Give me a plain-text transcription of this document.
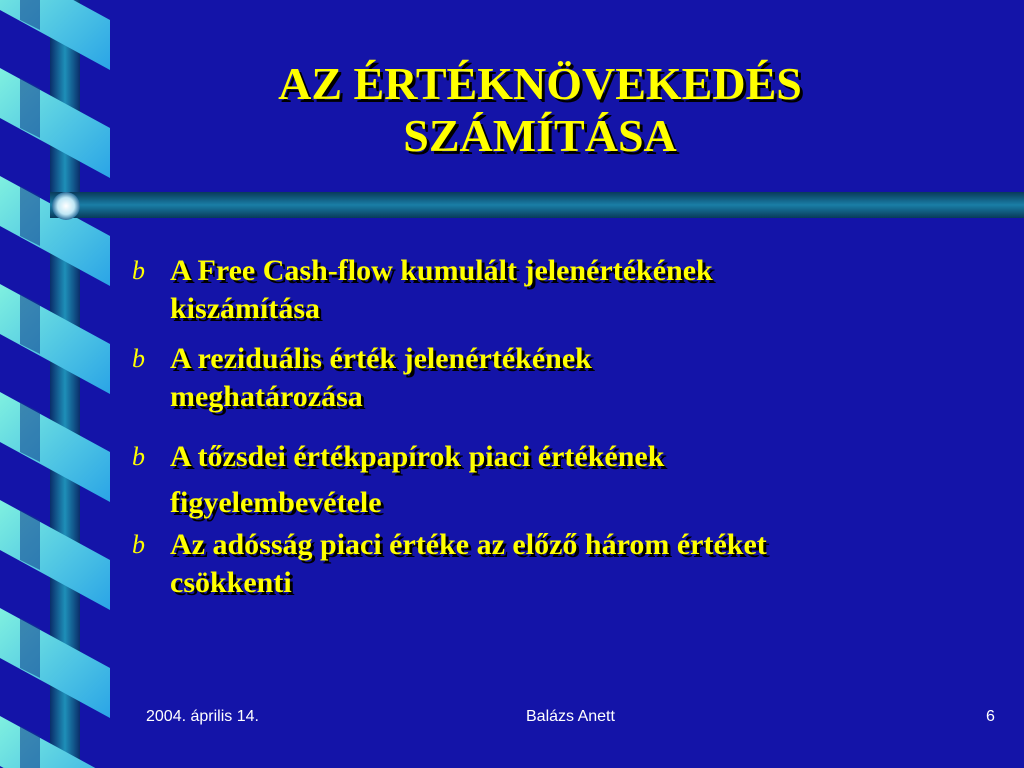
AZ ÉRTÉKNÖVEKEDÉS
SZÁMÍTÁSA
b A Free Cash-flow kumulált jelenértékének
kiszámítása
b A reziduális érték jelenértékének
meghatározása
b A tőzsdei értékpapírok piaci értékének
figyelembevétele
b Az adósság piaci értéke az előző három értéket
csökkenti
2004. április 14.	Balázs Anett	6
